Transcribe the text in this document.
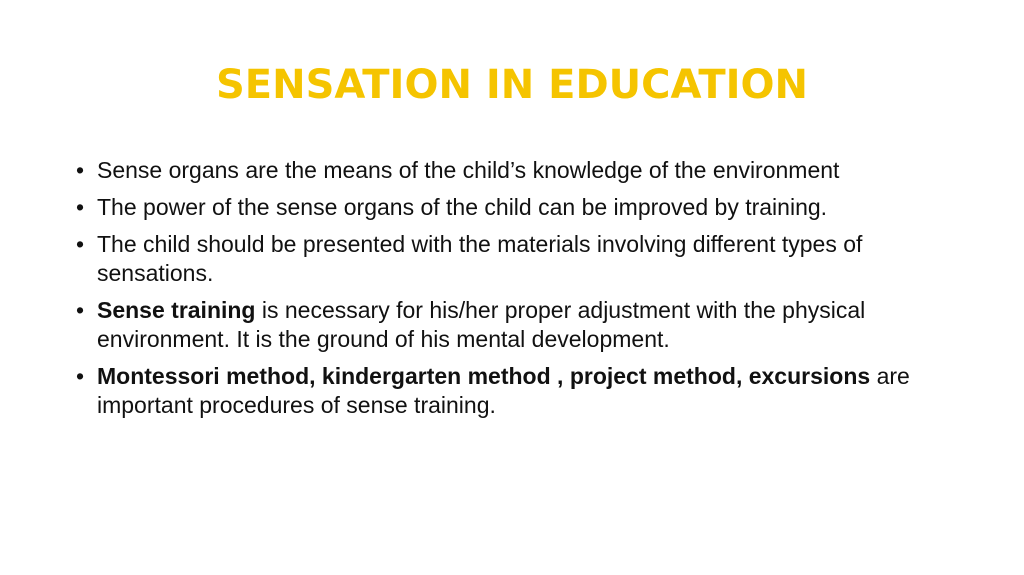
SENSATION IN EDUCATION
• Sense organs are the means of the child’s knowledge of the environment
• The power of the sense organs of the child can be improved by training.
• The child should be presented with the materials involving different types of sensations.
• Sense training is necessary for his/her proper adjustment with the physical environment. It is the ground of his mental development.
• Montessori method, kindergarten method , project method, excursions are important procedures of sense training.
